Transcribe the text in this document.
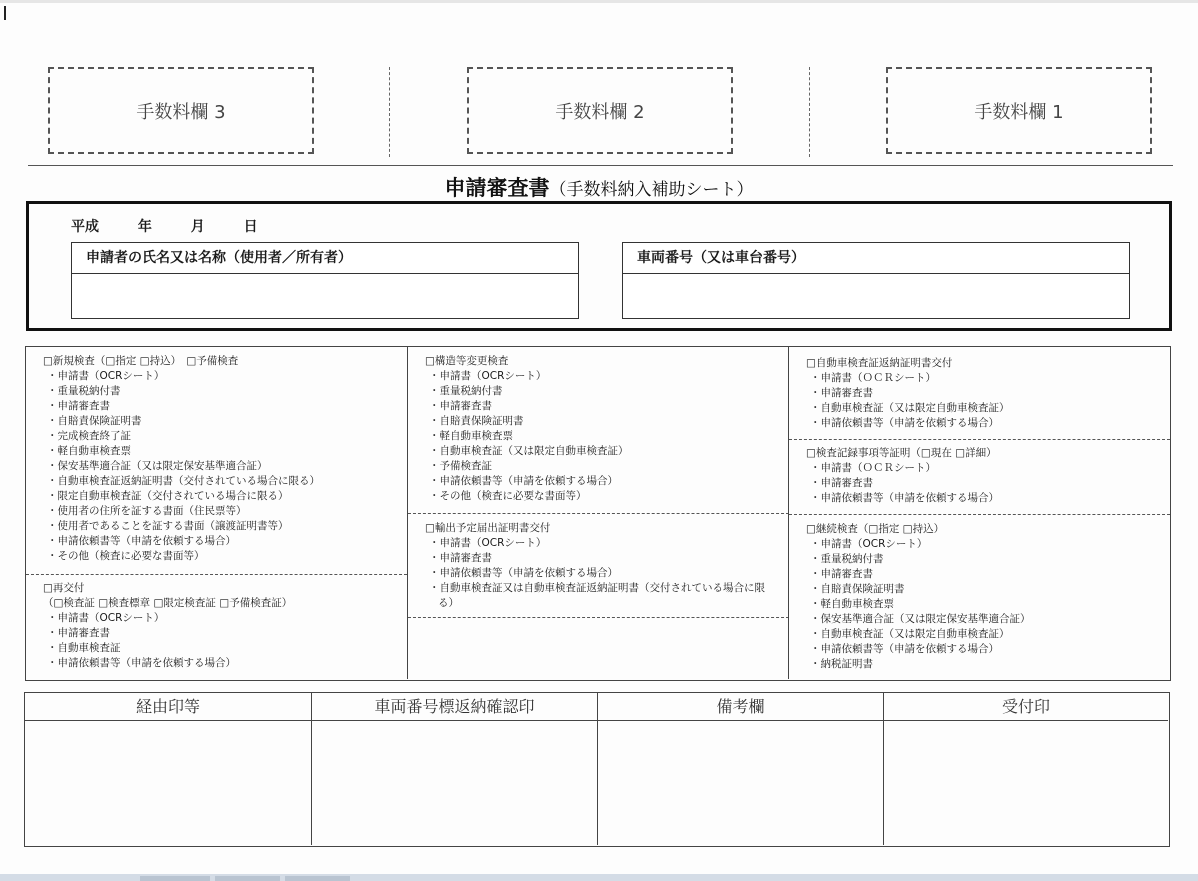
手数料欄 3	手数料欄 2	手数料欄 1
申請審査書（手数料納入補助シート）
平成	年	月	日
申請者の氏名又は名称（使用者／所有者）	車両番号（又は車台番号）
□新規検査（□指定 □持込）　□予備検査
・申請書（OCRシート）
・重量税納付書
・申請審査書
・自賠責保険証明書
・完成検査終了証
・軽自動車検査票
・保安基準適合証（又は限定保安基準適合証）
・自動車検査証返納証明書（交付されている場合に限る）
・限定自動車検査証（交付されている場合に限る）
・使用者の住所を証する書面（住民票等）
・使用者であることを証する書面（譲渡証明書等）
・申請依頼書等（申請を依頼する場合）
・その他（検査に必要な書面等）
□再交付
（□検査証 □検査標章 □限定検査証 □予備検査証）
・申請書（OCRシート）
・申請審査書
・自動車検査証
・申請依頼書等（申請を依頼する場合）
□構造等変更検査
・申請書（OCRシート）
・重量税納付書
・申請審査書
・自賠責保険証明書
・軽自動車検査票
・自動車検査証（又は限定自動車検査証）
・予備検査証
・申請依頼書等（申請を依頼する場合）
・その他（検査に必要な書面等）
□輸出予定届出証明書交付
・申請書（OCRシート）
・申請審査書
・申請依頼書等（申請を依頼する場合）
・自動車検査証又は自動車検査証返納証明書（交付されている場合に限る）
□自動車検査証返納証明書交付
・申請書（ＯＣＲシート）
・申請審査書
・自動車検査証（又は限定自動車検査証）
・申請依頼書等（申請を依頼する場合）
□検査記録事項等証明（□現在 □詳細）
・申請書（ＯＣＲシート）
・申請審査書
・申請依頼書等（申請を依頼する場合）
□継続検査（□指定 □持込）
・申請書（OCRシート）
・重量税納付書
・申請審査書
・自賠責保険証明書
・軽自動車検査票
・保安基準適合証（又は限定保安基準適合証）
・自動車検査証（又は限定自動車検査証）
・申請依頼書等（申請を依頼する場合）
・納税証明書
経由印等	車両番号標返納確認印	備考欄	受付印
